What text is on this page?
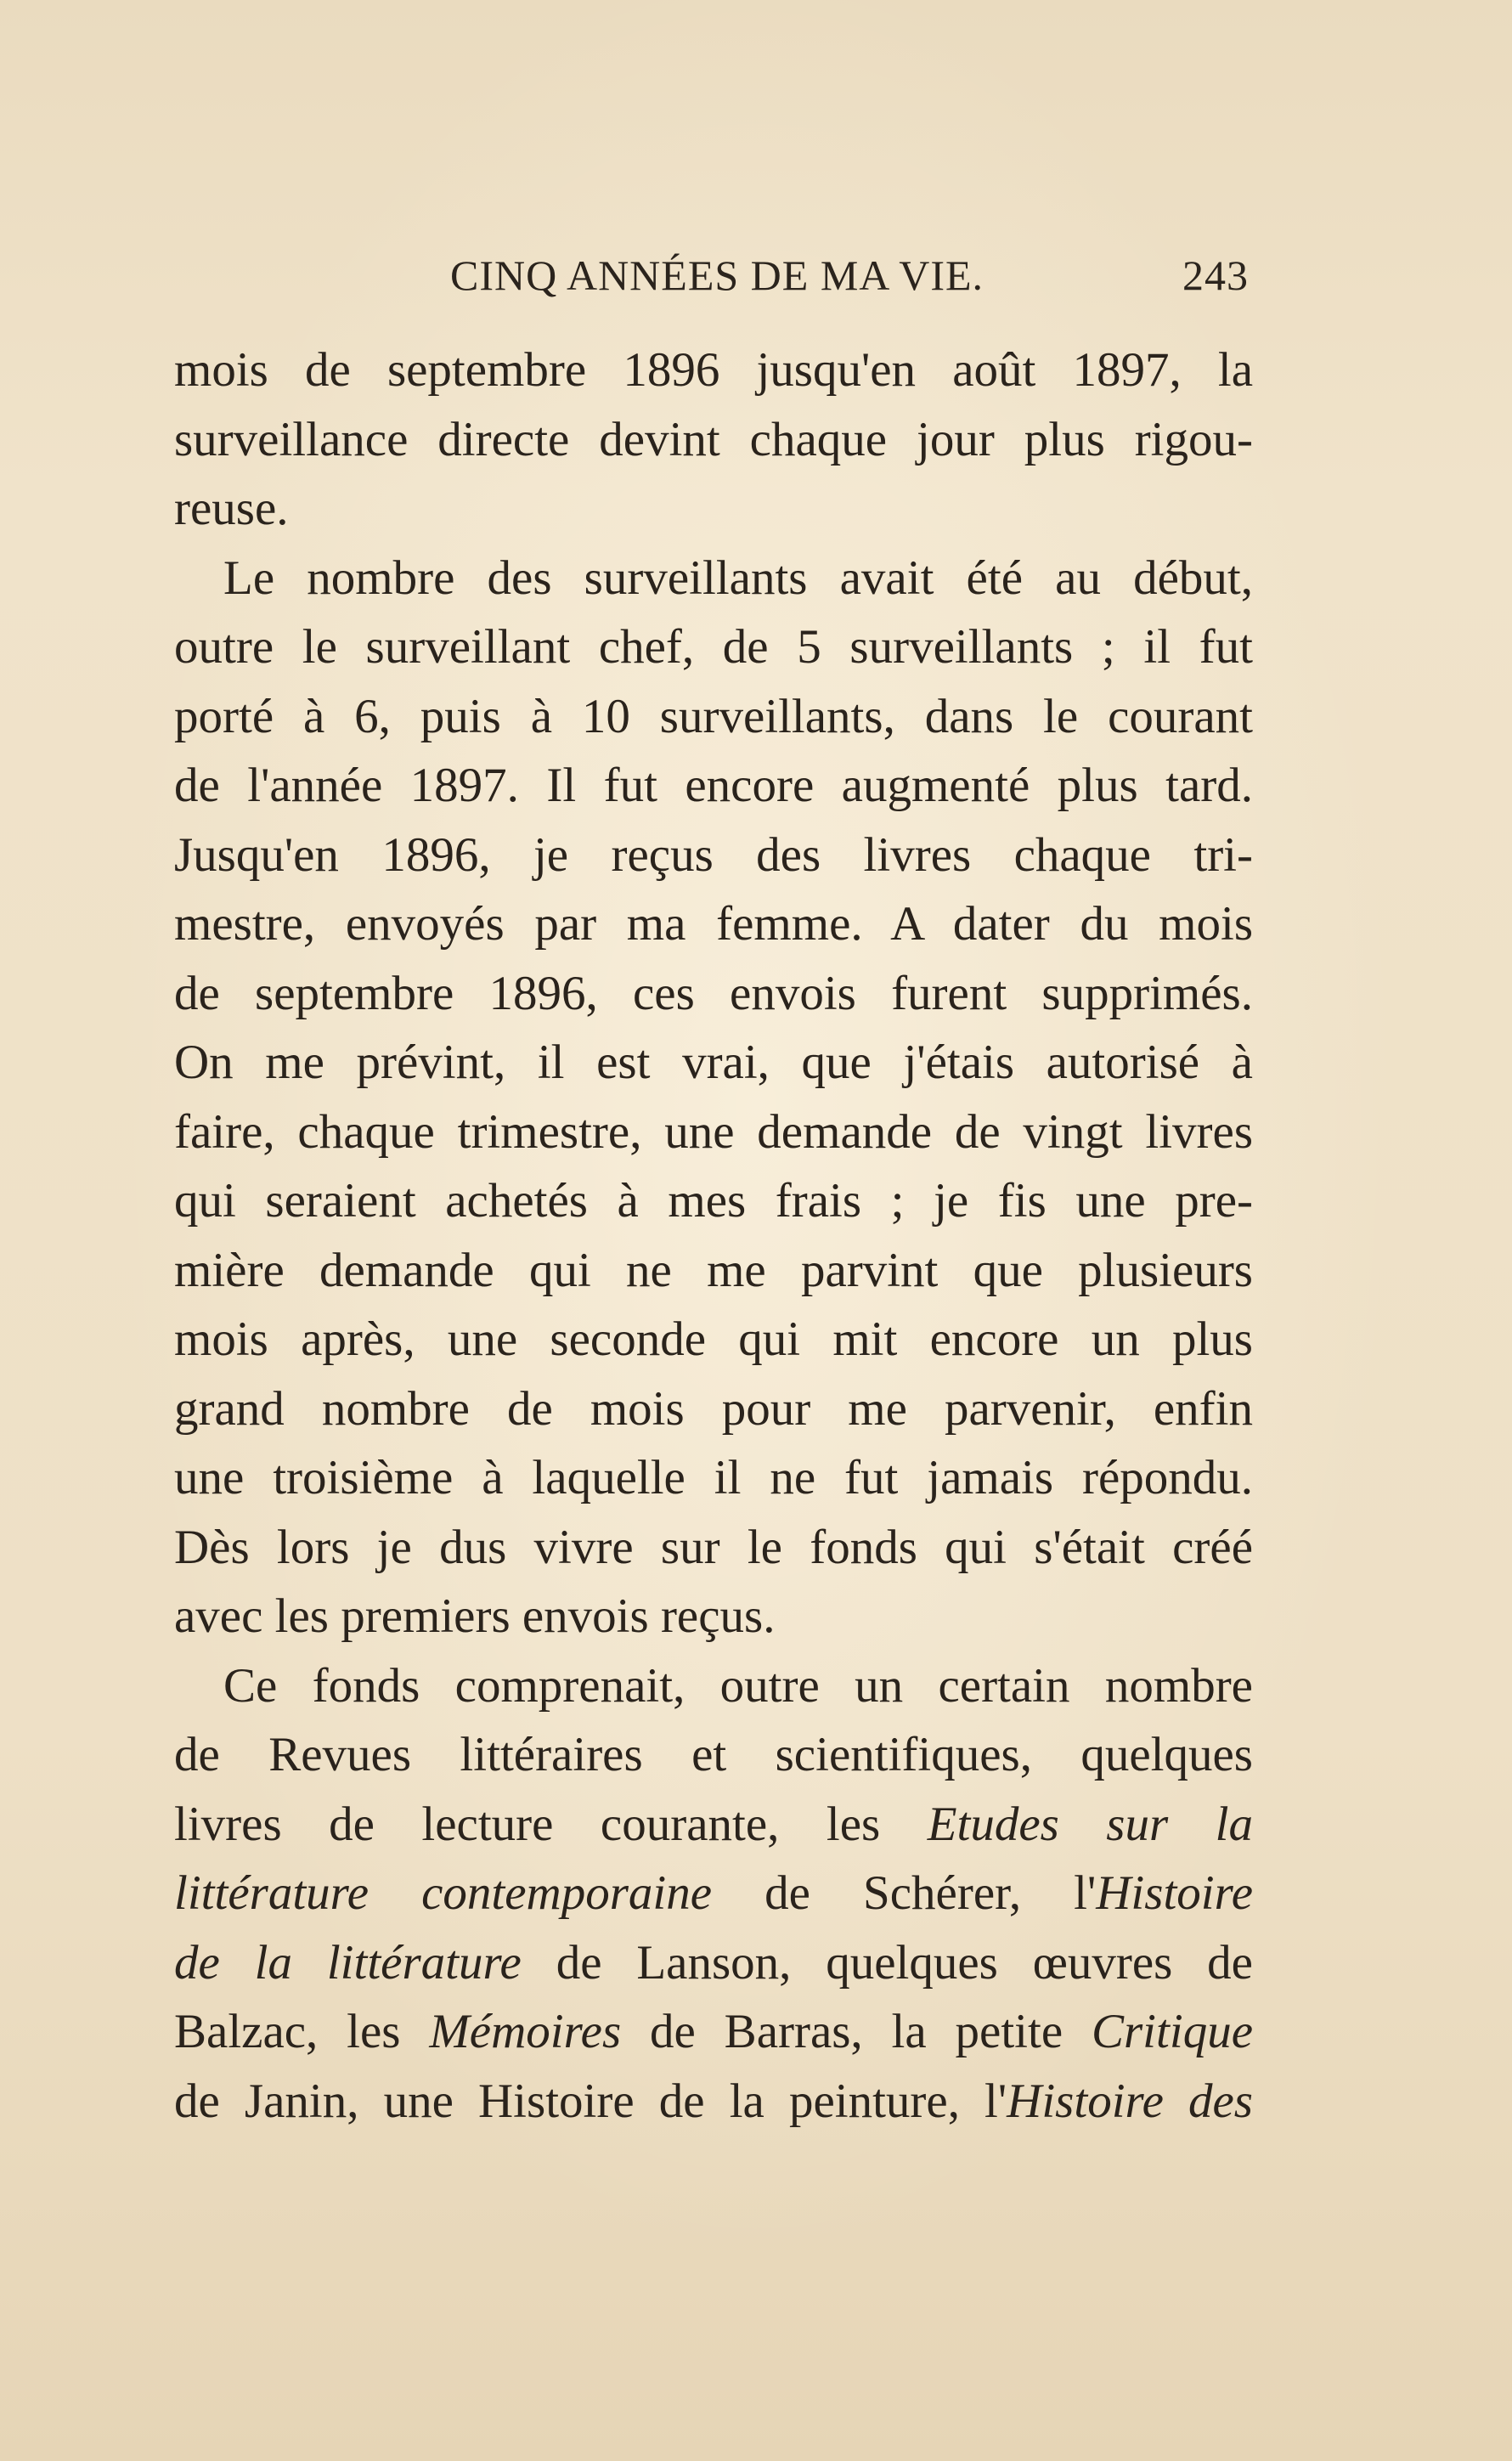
CINQ ANNÉES DE MA VIE.	243
mois de septembre 1896 jusqu'en août 1897, la
surveillance directe devint chaque jour plus rigou-
reuse.
Le nombre des surveillants avait été au début,
outre le surveillant chef, de 5 surveillants ; il fut
porté à 6, puis à 10 surveillants, dans le courant
de l'année 1897. Il fut encore augmenté plus tard.
Jusqu'en 1896, je reçus des livres chaque tri-
mestre, envoyés par ma femme. A dater du mois
de septembre 1896, ces envois furent supprimés.
On me prévint, il est vrai, que j'étais autorisé à
faire, chaque trimestre, une demande de vingt livres
qui seraient achetés à mes frais ; je fis une pre-
mière demande qui ne me parvint que plusieurs
mois après, une seconde qui mit encore un plus
grand nombre de mois pour me parvenir, enfin
une troisième à laquelle il ne fut jamais répondu.
Dès lors je dus vivre sur le fonds qui s'était créé
avec les premiers envois reçus.
Ce fonds comprenait, outre un certain nombre
de Revues littéraires et scientifiques, quelques
livres de lecture courante, les Etudes sur la
littérature contemporaine de Schérer, l'Histoire
de la littérature de Lanson, quelques œuvres de
Balzac, les Mémoires de Barras, la petite Critique
de Janin, une Histoire de la peinture, l'Histoire des
